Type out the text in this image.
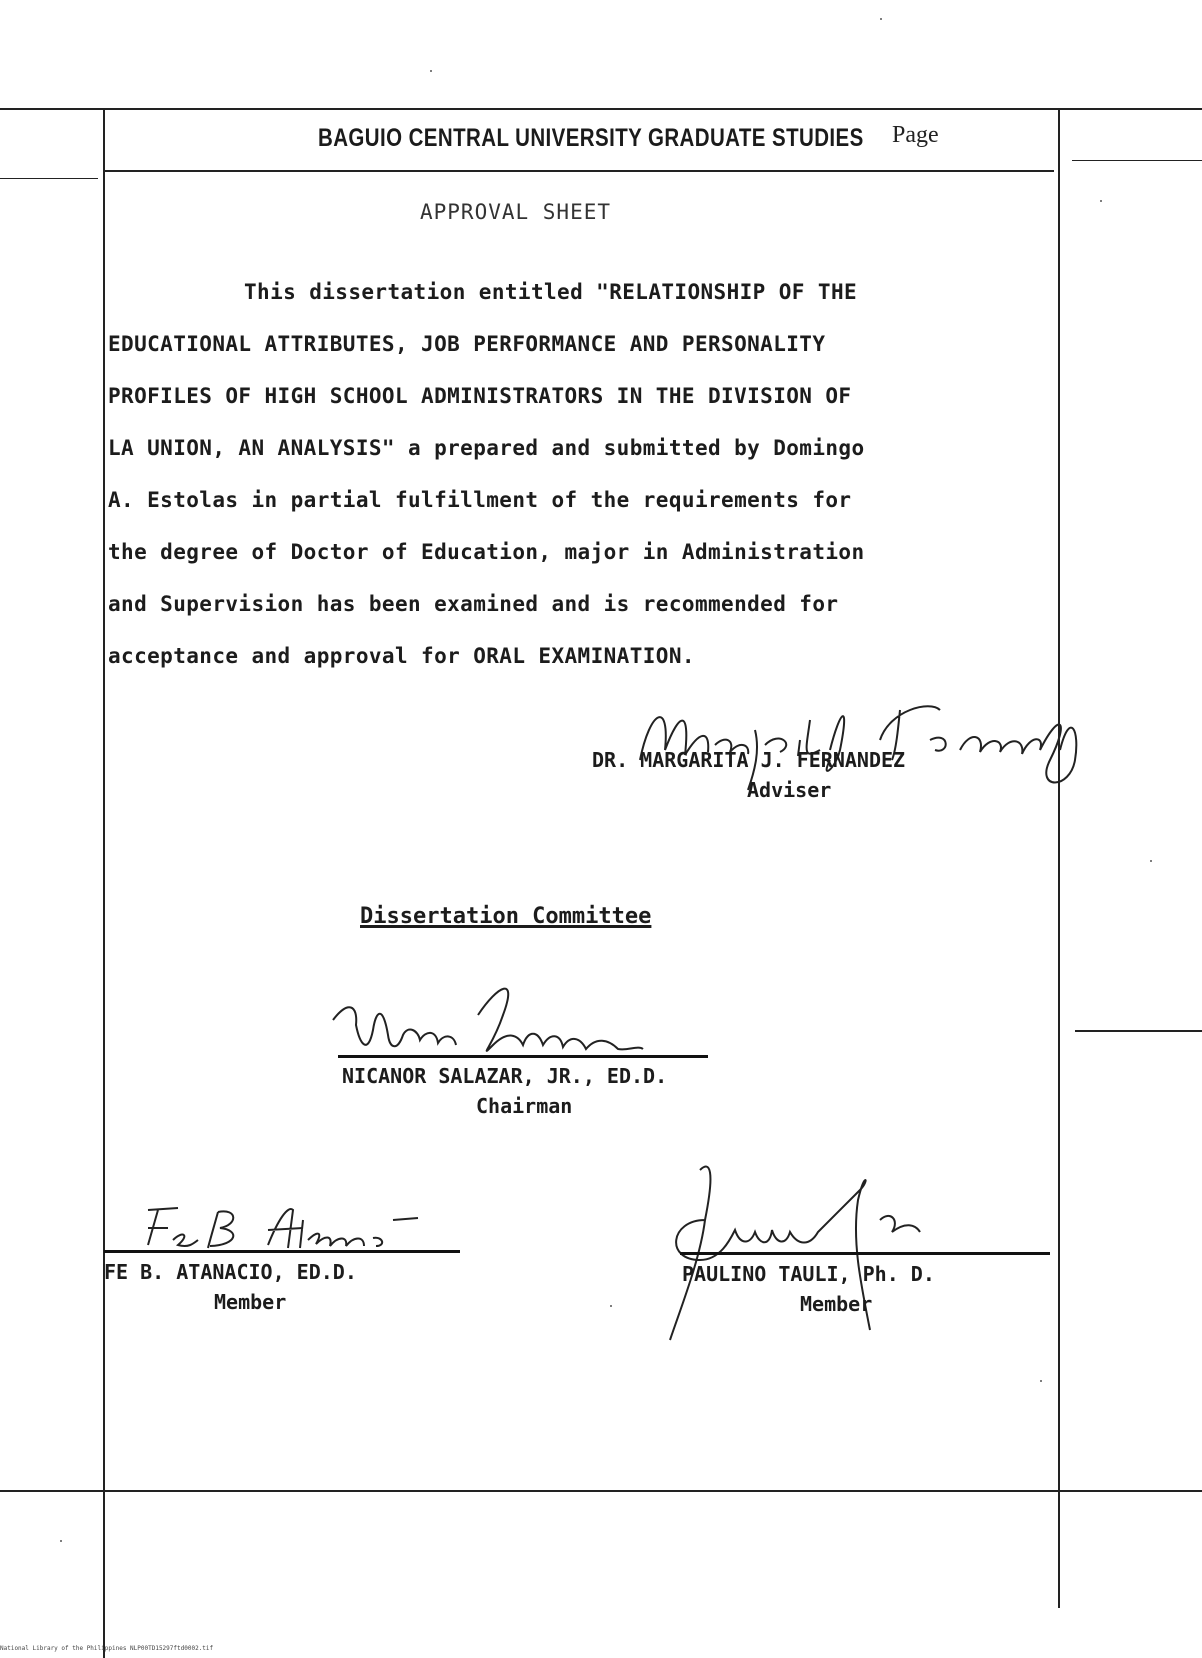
BAGUIO CENTRAL UNIVERSITY GRADUATE STUDIES Page
APPROVAL SHEET
This dissertation entitled "RELATIONSHIP OF THE
EDUCATIONAL ATTRIBUTES, JOB PERFORMANCE AND PERSONALITY
PROFILES OF HIGH SCHOOL ADMINISTRATORS IN THE DIVISION OF
LA UNION, AN ANALYSIS" a prepared and submitted by Domingo
A. Estolas in partial fulfillment of the requirements for
the degree of Doctor of Education, major in Administration
and Supervision has been examined and is recommended for
acceptance and approval for ORAL EXAMINATION.
DR. MARGARITA J. FERNANDEZ
Adviser
Dissertation Committee
NICANOR SALAZAR, JR., ED.D.
Chairman
FE B. ATANACIO, ED.D.
Member
PAULINO TAULI, Ph. D.
Member
National Library of the Philippines NLP00TD15297ftd0002.tif
